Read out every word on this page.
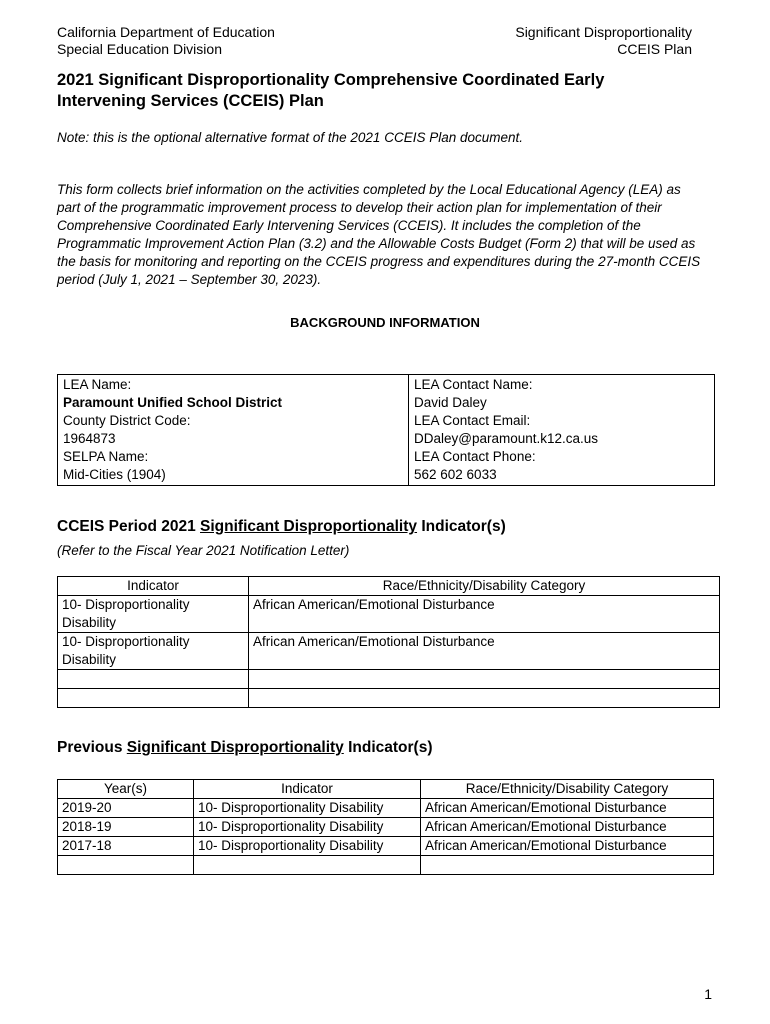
California Department of Education
Special Education Division
Significant Disproportionality
CCEIS Plan
2021 Significant Disproportionality Comprehensive Coordinated Early Intervening Services (CCEIS) Plan
Note: this is the optional alternative format of the 2021 CCEIS Plan document.
This form collects brief information on the activities completed by the Local Educational Agency (LEA) as part of the programmatic improvement process to develop their action plan for implementation of their Comprehensive Coordinated Early Intervening Services (CCEIS). It includes the completion of the Programmatic Improvement Action Plan (3.2) and the Allowable Costs Budget (Form 2) that will be used as the basis for monitoring and reporting on the CCEIS progress and expenditures during the 27-month CCEIS period (July 1, 2021 – September 30, 2023).
BACKGROUND INFORMATION
LEA Name:
Paramount Unified School District
County District Code:
1964873
SELPA Name:
Mid-Cities (1904)

LEA Contact Name:
David Daley
LEA Contact Email:
DDaley@paramount.k12.ca.us
LEA Contact Phone:
562 602 6033
CCEIS Period 2021 Significant Disproportionality Indicator(s)
(Refer to the Fiscal Year 2021 Notification Letter)
Indicator	Race/Ethnicity/Disability Category
10- Disproportionality Disability	African American/Emotional Disturbance
10- Disproportionality Disability	African American/Emotional Disturbance

Previous Significant Disproportionality Indicator(s)
Year(s)	Indicator	Race/Ethnicity/Disability Category
2019-20	10- Disproportionality Disability	African American/Emotional Disturbance
2018-19	10- Disproportionality Disability	African American/Emotional Disturbance
2017-18	10- Disproportionality Disability	African American/Emotional Disturbance

1
